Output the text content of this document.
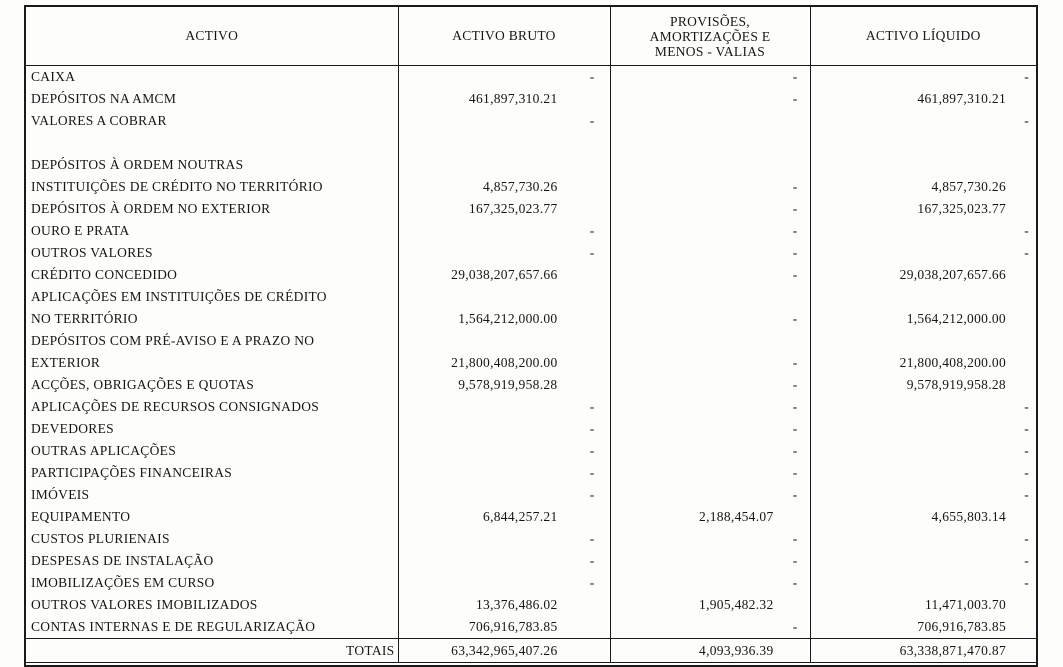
ACTIVO	ACTIVO BRUTO	PROVISÕES,
AMORTIZAÇÕES E
MENOS - VALIAS	ACTIVO LÍQUIDO
CAIXA	-	-	-
DEPÓSITOS NA AMCM	461,897,310.21	-	461,897,310.21
VALORES A COBRAR	-		-

DEPÓSITOS À ORDEM NOUTRAS			
INSTITUIÇÕES DE CRÉDITO NO TERRITÓRIO	4,857,730.26	-	4,857,730.26
DEPÓSITOS À ORDEM NO EXTERIOR	167,325,023.77	-	167,325,023.77
OURO E PRATA	-	-	-
OUTROS VALORES	-	-	-
CRÉDITO CONCEDIDO	29,038,207,657.66	-	29,038,207,657.66
APLICAÇÕES EM INSTITUIÇÕES DE CRÉDITO			
NO TERRITÓRIO	1,564,212,000.00	-	1,564,212,000.00
DEPÓSITOS COM PRÉ-AVISO E A PRAZO NO			
EXTERIOR	21,800,408,200.00	-	21,800,408,200.00
ACÇÕES, OBRIGAÇÕES E QUOTAS	9,578,919,958.28	-	9,578,919,958.28
APLICAÇÕES DE RECURSOS CONSIGNADOS	-	-	-
DEVEDORES	-	-	-
OUTRAS APLICAÇÕES	-	-	-
PARTICIPAÇÕES FINANCEIRAS	-	-	-
IMÓVEIS	-	-	-
EQUIPAMENTO	6,844,257.21	2,188,454.07	4,655,803.14
CUSTOS PLURIENAIS	-	-	-
DESPESAS DE INSTALAÇÃO	-	-	-
IMOBILIZAÇÕES EM CURSO	-	-	-
OUTROS VALORES IMOBILIZADOS	13,376,486.02	1,905,482.32	11,471,003.70
CONTAS INTERNAS E DE REGULARIZAÇÃO	706,916,783.85	-	706,916,783.85
TOTAIS	63,342,965,407.26	4,093,936.39	63,338,871,470.87
